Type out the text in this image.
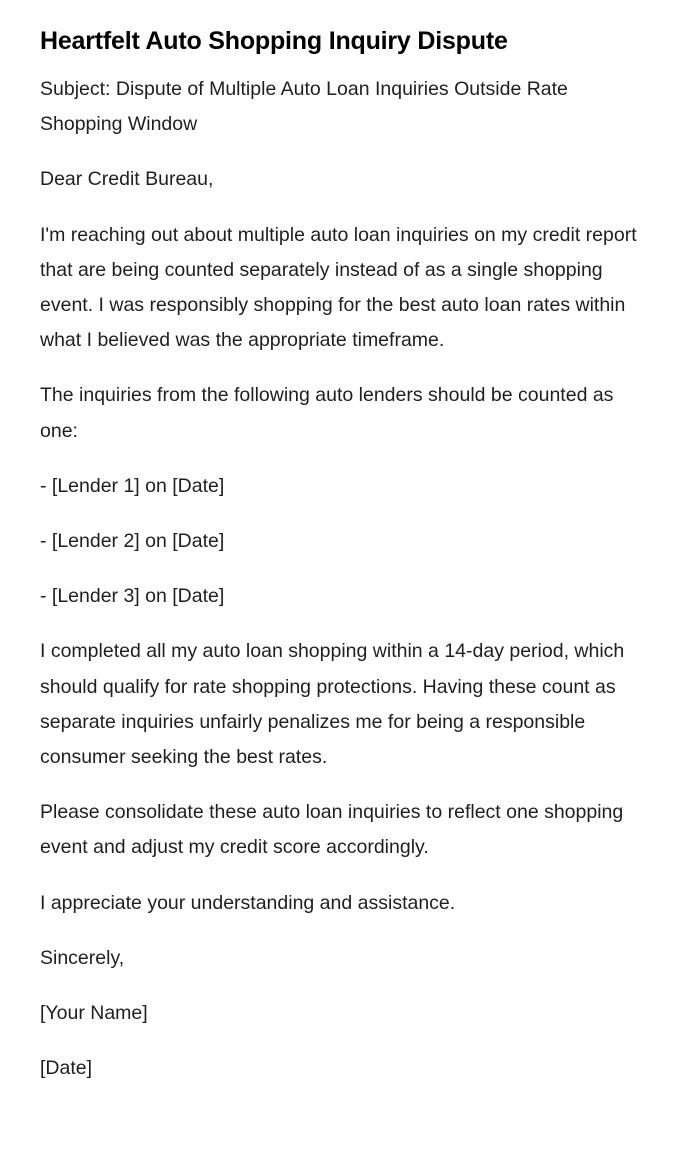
Heartfelt Auto Shopping Inquiry Dispute

Subject: Dispute of Multiple Auto Loan Inquiries Outside Rate Shopping Window

Dear Credit Bureau,

I'm reaching out about multiple auto loan inquiries on my credit report that are being counted separately instead of as a single shopping event. I was responsibly shopping for the best auto loan rates within what I believed was the appropriate timeframe.

The inquiries from the following auto lenders should be counted as one:

- [Lender 1] on [Date]

- [Lender 2] on [Date]

- [Lender 3] on [Date]

I completed all my auto loan shopping within a 14-day period, which should qualify for rate shopping protections. Having these count as separate inquiries unfairly penalizes me for being a responsible consumer seeking the best rates.

Please consolidate these auto loan inquiries to reflect one shopping event and adjust my credit score accordingly.

I appreciate your understanding and assistance.

Sincerely,

[Your Name]

[Date]
